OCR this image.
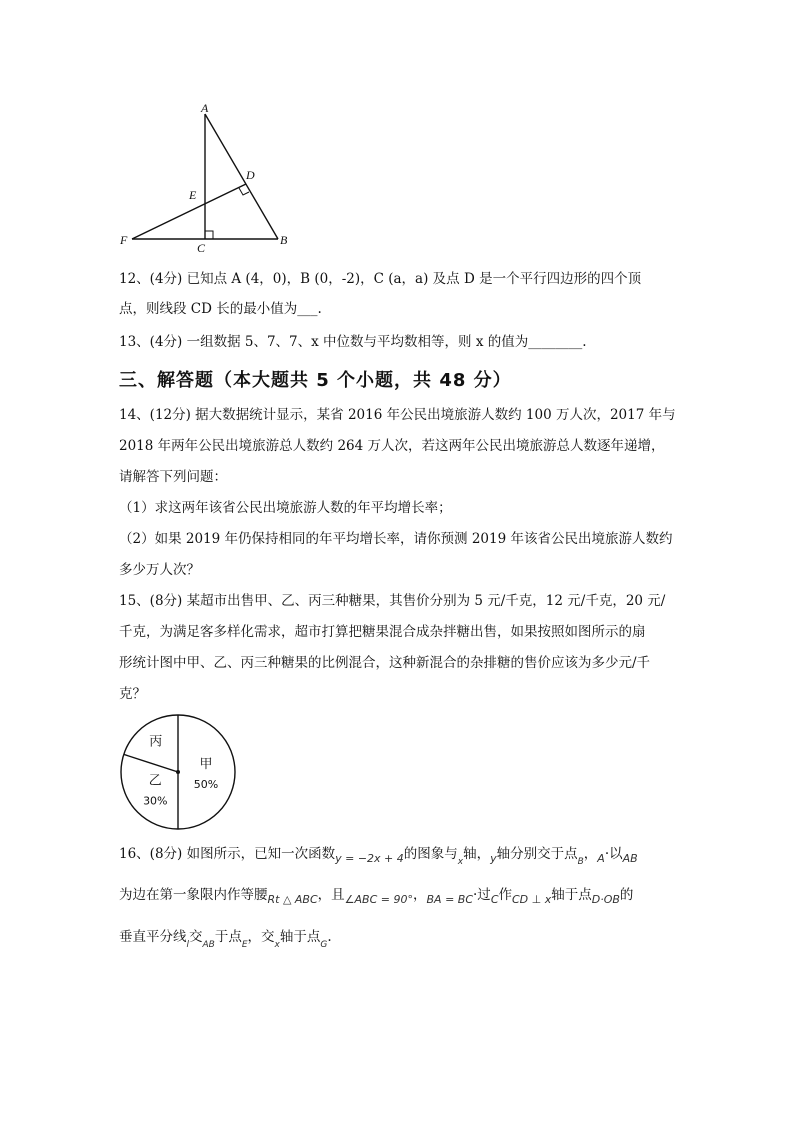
A
D
E
F
C
B
12、(4分) 已知点 A (4，0)，B (0，-2)，C (a，a) 及点 D 是一个平行四边形的四个顶
点，则线段 CD 长的最小值为___.
13、(4分) 一组数据 5、7、7、x 中位数与平均数相等，则 x 的值为________.
三、解答题（本大题共 5 个小题，共 48 分）
14、(12分) 据大数据统计显示，某省 2016 年公民出境旅游人数约 100 万人次，2017 年与
2018 年两年公民出境旅游总人数约 264 万人次，若这两年公民出境旅游总人数逐年递增，
请解答下列问题：
（1）求这两年该省公民出境旅游人数的年平均增长率；
（2）如果 2019 年仍保持相同的年平均增长率，请你预测 2019 年该省公民出境旅游人数约
多少万人次？
15、(8分) 某超市出售甲、乙、丙三种糖果，其售价分别为 5 元/千克，12 元/千克，20 元/
千克，为满足客多样化需求，超市打算把糖果混合成杂拌糖出售，如果按照如图所示的扇
形统计图中甲、乙、丙三种糖果的比例混合，这种新混合的杂排糖的售价应该为多少元/千
克？
甲
50%
乙
30%
丙
16、(8分) 如图所示，已知一次函数$_{y = -2x + 4}$的图象与$_x$轴，$_y$轴分别交于点$_B$，$_A$·以$_{AB}$
为边在第一象限内作等腰$_{Rt \triangle ABC}$，且$_{\angle ABC = 90^\circ}$，$_{BA = BC}$·过$_C$作$_{CD \perp x}$轴于点$_{D\cdot OB}$的
垂直平分线$_l$交$_{AB}$于点$_E$，交$_x$轴于点$_G$.
